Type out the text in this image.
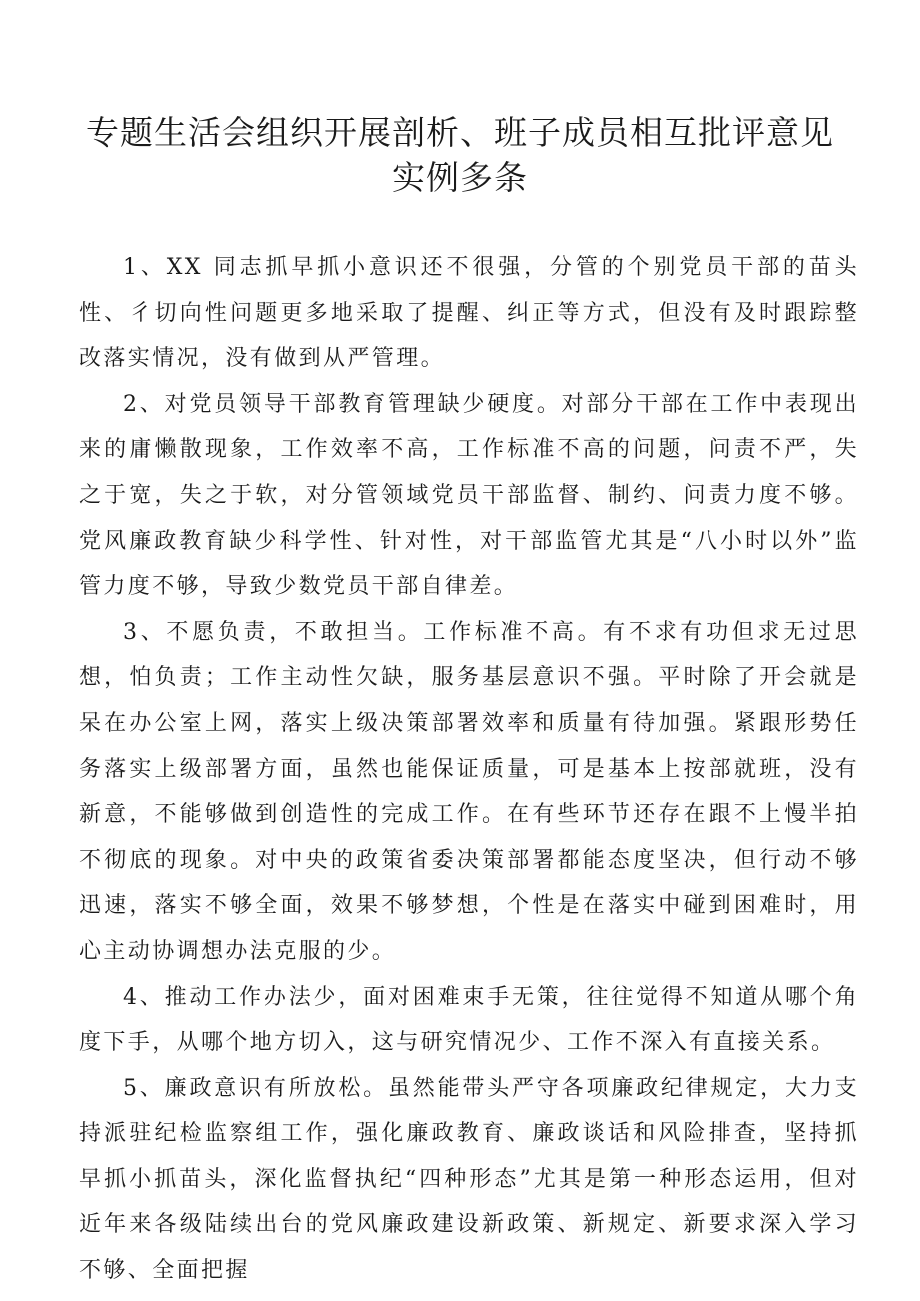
专题生活会组织开展剖析、班子成员相互批评意见
实例多条

1、XX 同志抓早抓小意识还不很强，分管的个别党员干部的苗头性、彳切向性问题更多地采取了提醒、纠正等方式，但没有及时跟踪整改落实情况，没有做到从严管理。

2、对党员领导干部教育管理缺少硬度。对部分干部在工作中表现出来的庸懒散现象，工作效率不高，工作标准不高的问题，问责不严，失之于宽，失之于软，对分管领域党员干部监督、制约、问责力度不够。党风廉政教育缺少科学性、针对性，对干部监管尤其是“八小时以外”监管力度不够，导致少数党员干部自律差。

3、不愿负责，不敢担当。工作标准不高。有不求有功但求无过思想，怕负责；工作主动性欠缺，服务基层意识不强。平时除了开会就是呆在办公室上网，落实上级决策部署效率和质量有待加强。紧跟形势任务落实上级部署方面，虽然也能保证质量，可是基本上按部就班，没有新意，不能够做到创造性的完成工作。在有些环节还存在跟不上慢半拍不彻底的现象。对中央的政策省委决策部署都能态度坚决，但行动不够迅速，落实不够全面，效果不够梦想，个性是在落实中碰到困难时，用心主动协调想办法克服的少。

4、推动工作办法少，面对困难束手无策，往往觉得不知道从哪个角度下手，从哪个地方切入，这与研究情况少、工作不深入有直接关系。

5、廉政意识有所放松。虽然能带头严守各项廉政纪律规定，大力支持派驻纪检监察组工作，强化廉政教育、廉政谈话和风险排查，坚持抓早抓小抓苗头，深化监督执纪“四种形态”尤其是第一种形态运用，但对近年来各级陆续出台的党风廉政建设新政策、新规定、新要求深入学习不够、全面把握
